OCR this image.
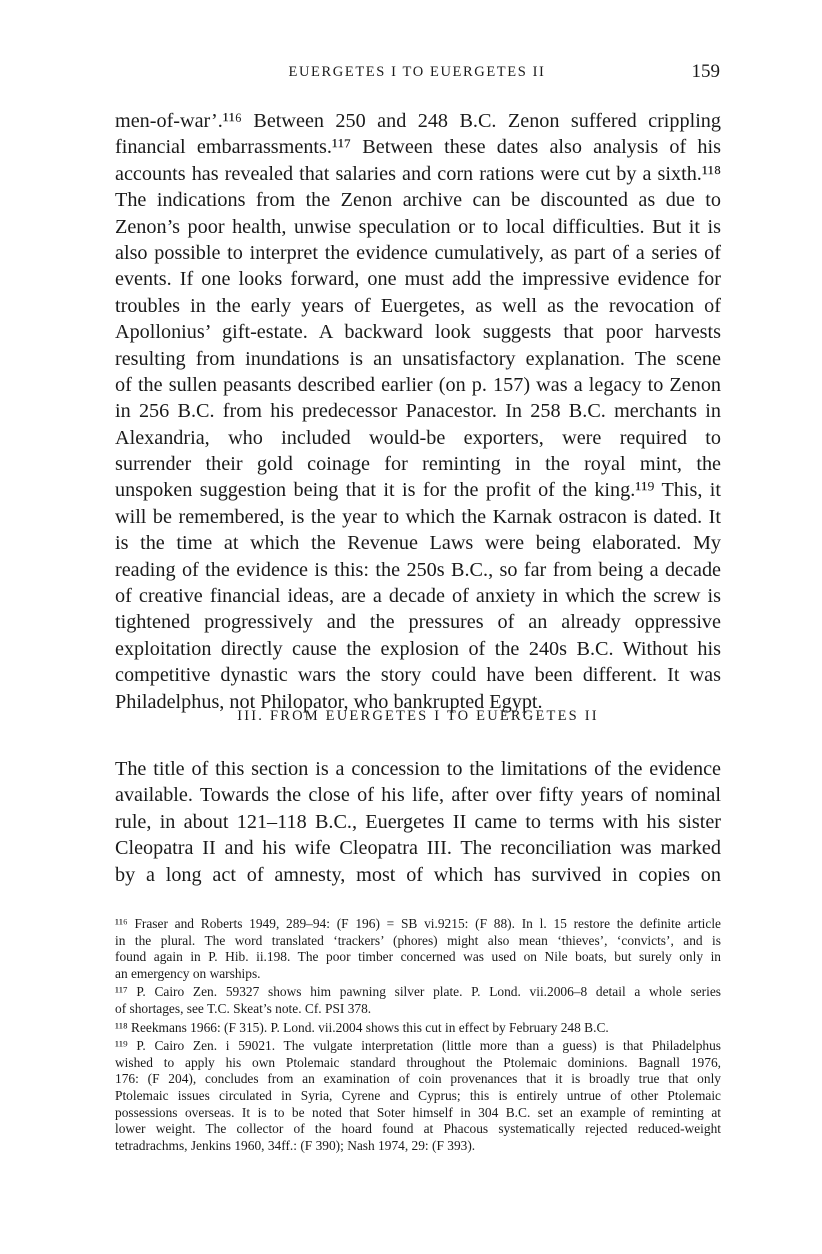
EUERGETES I TO EUERGETES II	159
men-of-war’.¹¹⁶ Between 250 and 248 B.C. Zenon suffered crippling
financial embarrassments.¹¹⁷ Between these dates also analysis of his
accounts has revealed that salaries and corn rations were cut by a sixth.¹¹⁸
The indications from the Zenon archive can be discounted as due to
Zenon’s poor health, unwise speculation or to local difficulties. But it is
also possible to interpret the evidence cumulatively, as part of a series of
events. If one looks forward, one must add the impressive evidence for
troubles in the early years of Euergetes, as well as the revocation of
Apollonius’ gift-estate. A backward look suggests that poor harvests
resulting from inundations is an unsatisfactory explanation. The scene
of the sullen peasants described earlier (on p. 157) was a legacy to Zenon
in 256 B.C. from his predecessor Panacestor. In 258 B.C. merchants in
Alexandria, who included would-be exporters, were required to
surrender their gold coinage for reminting in the royal mint, the
unspoken suggestion being that it is for the profit of the king.¹¹⁹ This, it
will be remembered, is the year to which the Karnak ostracon is dated. It
is the time at which the Revenue Laws were being elaborated. My
reading of the evidence is this: the 250s B.C., so far from being a decade
of creative financial ideas, are a decade of anxiety in which the screw is
tightened progressively and the pressures of an already oppressive
exploitation directly cause the explosion of the 240s B.C. Without his
competitive dynastic wars the story could have been different. It was
Philadelphus, not Philopator, who bankrupted Egypt.
III. FROM EUERGETES I TO EUERGETES II
The title of this section is a concession to the limitations of the evidence
available. Towards the close of his life, after over fifty years of nominal
rule, in about 121–118 B.C., Euergetes II came to terms with his sister
Cleopatra II and his wife Cleopatra III. The reconciliation was marked
by a long act of amnesty, most of which has survived in copies on
¹¹⁶ Fraser and Roberts 1949, 289–94: (F 196) = SB vi.9215: (F 88). In l. 15 restore the definite article
in the plural. The word translated ‘trackers’ (phores) might also mean ‘thieves’, ‘convicts’, and is
found again in P. Hib. ii.198. The poor timber concerned was used on Nile boats, but surely only in
an emergency on warships.
¹¹⁷ P. Cairo Zen. 59327 shows him pawning silver plate. P. Lond. vii.2006–8 detail a whole series
of shortages, see T.C. Skeat’s note. Cf. PSI 378.
¹¹⁸ Reekmans 1966: (F 315). P. Lond. vii.2004 shows this cut in effect by February 248 B.C.
¹¹⁹ P. Cairo Zen. i 59021. The vulgate interpretation (little more than a guess) is that Philadelphus
wished to apply his own Ptolemaic standard throughout the Ptolemaic dominions. Bagnall 1976,
176: (F 204), concludes from an examination of coin provenances that it is broadly true that only
Ptolemaic issues circulated in Syria, Cyrene and Cyprus; this is entirely untrue of other Ptolemaic
possessions overseas. It is to be noted that Soter himself in 304 B.C. set an example of reminting at
lower weight. The collector of the hoard found at Phacous systematically rejected reduced-weight
tetradrachms, Jenkins 1960, 34ff.: (F 390); Nash 1974, 29: (F 393).
